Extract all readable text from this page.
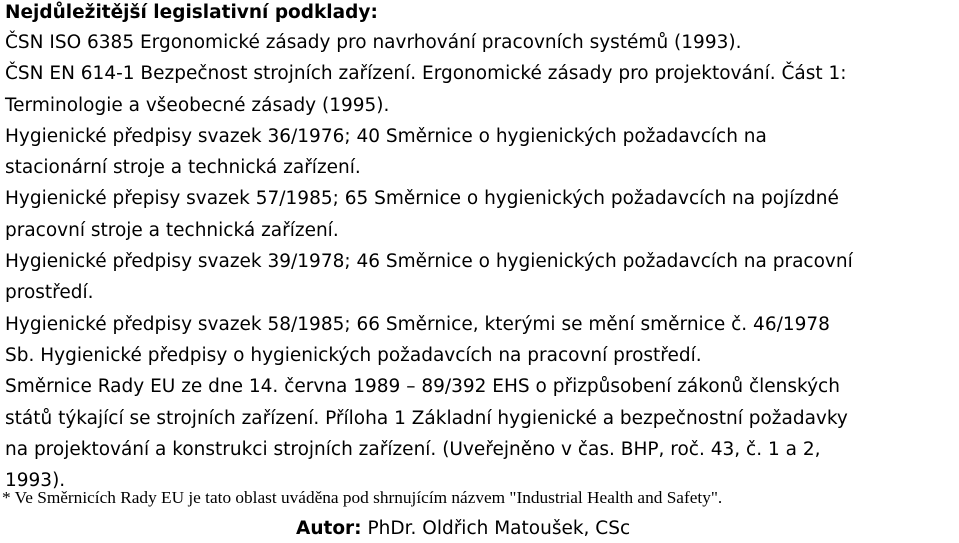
Nejdůležitější legislativní podklady:

ČSN ISO 6385 Ergonomické zásady pro navrhování pracovních systémů (1993).

ČSN EN 614-1 Bezpečnost strojních zařízení. Ergonomické zásady pro projektování. Část 1:

Terminologie a všeobecné zásady (1995).

Hygienické předpisy svazek 36/1976; 40 Směrnice o hygienických požadavcích na

stacionární stroje a technická zařízení.

Hygienické přepisy svazek 57/1985; 65 Směrnice o hygienických požadavcích na pojízdné

pracovní stroje a technická zařízení.

Hygienické předpisy svazek 39/1978; 46 Směrnice o hygienických požadavcích na pracovní

prostředí.

Hygienické předpisy svazek 58/1985; 66 Směrnice, kterými se mění směrnice č. 46/1978

Sb. Hygienické předpisy o hygienických požadavcích na pracovní prostředí.

Směrnice Rady EU ze dne 14. června 1989 – 89/392 EHS o přizpůsobení zákonů členských

států týkající se strojních zařízení. Příloha 1 Základní hygienické a bezpečnostní požadavky

na projektování a konstrukci strojních zařízení. (Uveřejněno v čas. BHP, roč. 43, č. 1 a 2,

1993).

* Ve Směrnicích Rady EU je tato oblast uváděna pod shrnujícím názvem "Industrial Health and Safety".
Autor: PhDr. Oldřich Matoušek, CSc
